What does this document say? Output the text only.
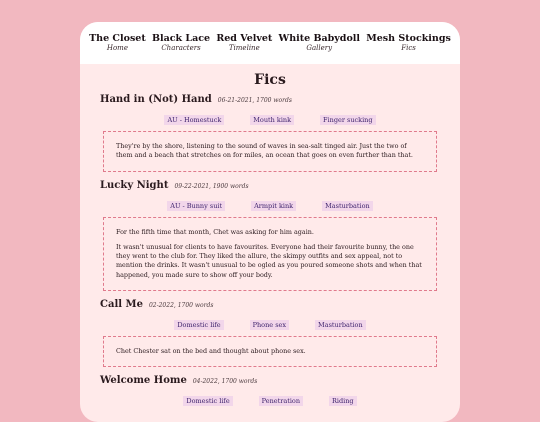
The Closet
Home
Black Lace
Characters
Red Velvet
Timeline
White Babydoll
Gallery
Mesh Stockings
Fics
Fics
Hand in (Not) Hand 06-21-2021, 1700 words
AU - Homestuck	Mouth kink	Finger sucking

They're by the shore, listening to the sound of waves in sea-salt tinged air. Just the two of them and a beach that stretches on for miles, an ocean that goes on even further than that.

Lucky Night 09-22-2021, 1900 words
AU - Bunny suit	Armpit kink	Masturbation

For the fifth time that month, Chet was asking for him again.

It wasn't unusual for clients to have favourites. Everyone had their favourite bunny, the one they went to the club for. They liked the allure, the skimpy outfits and sex appeal, not to mention the drinks. It wasn't unusual to be ogled as you poured someone shots and when that happened, you made sure to show off your body.

Call Me 02-2022, 1700 words
Domestic life	Phone sex	Masturbation

Chet Chester sat on the bed and thought about phone sex.

Welcome Home 04-2022, 1700 words
Domestic life	Penetration	Riding
